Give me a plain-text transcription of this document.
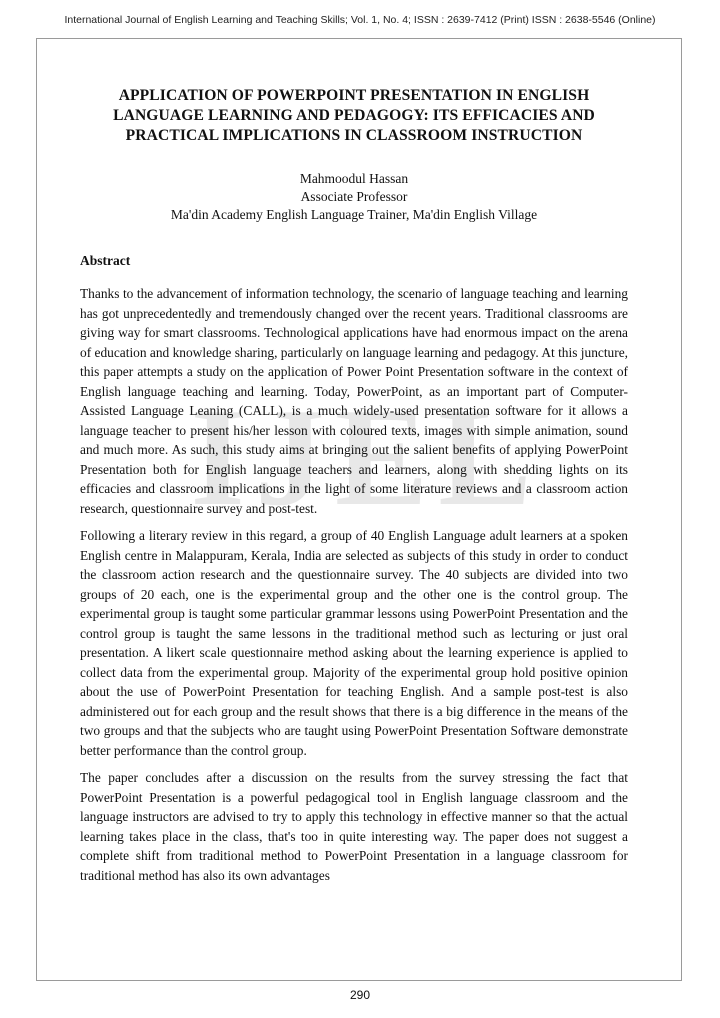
International Journal of English Learning and Teaching Skills; Vol. 1, No. 4; ISSN : 2639-7412 (Print) ISSN : 2638-5546 (Online)
I J E L
APPLICATION OF POWERPOINT PRESENTATION IN ENGLISH LANGUAGE LEARNING AND PEDAGOGY: ITS EFFICACIES AND PRACTICAL IMPLICATIONS IN CLASSROOM INSTRUCTION
Mahmoodul Hassan
Associate Professor
Ma'din Academy English Language Trainer, Ma'din English Village
Abstract

Thanks to the advancement of information technology, the scenario of language teaching and learning has got unprecedentedly and tremendously changed over the recent years. Traditional classrooms are giving way for smart classrooms. Technological applications have had enormous impact on the arena of education and knowledge sharing, particularly on language learning and pedagogy. At this juncture, this paper attempts a study on the application of Power Point Presentation software in the context of English language teaching and learning. Today, PowerPoint, as an important part of Computer-Assisted Language Leaning (CALL), is a much widely-used presentation software for it allows a language teacher to present his/her lesson with coloured texts, images with simple animation, sound and much more. As such, this study aims at bringing out the salient benefits of applying PowerPoint Presentation both for English language teachers and learners, along with shedding lights on its efficacies and classroom implications in the light of some literature reviews and a classroom action research, questionnaire survey and post-test.

Following a literary review in this regard, a group of 40 English Language adult learners at a spoken English centre in Malappuram, Kerala, India are selected as subjects of this study in order to conduct the classroom action research and the questionnaire survey. The 40 subjects are divided into two groups of 20 each, one is the experimental group and the other one is the control group. The experimental group is taught some particular grammar lessons using PowerPoint Presentation and the control group is taught the same lessons in the traditional method such as lecturing or just oral presentation. A likert scale questionnaire method asking about the learning experience is applied to collect data from the experimental group. Majority of the experimental group hold positive opinion about the use of PowerPoint Presentation for teaching English. And a sample post-test is also administered out for each group and the result shows that there is a big difference in the means of the two groups and that the subjects who are taught using PowerPoint Presentation Software demonstrate better performance than the control group.

The paper concludes after a discussion on the results from the survey stressing the fact that PowerPoint Presentation is a powerful pedagogical tool in English language classroom and the language instructors are advised to try to apply this technology in effective manner so that the actual learning takes place in the class, that's too in quite interesting way. The paper does not suggest a complete shift from traditional method to PowerPoint Presentation in a language classroom for traditional method has also its own advantages

290
